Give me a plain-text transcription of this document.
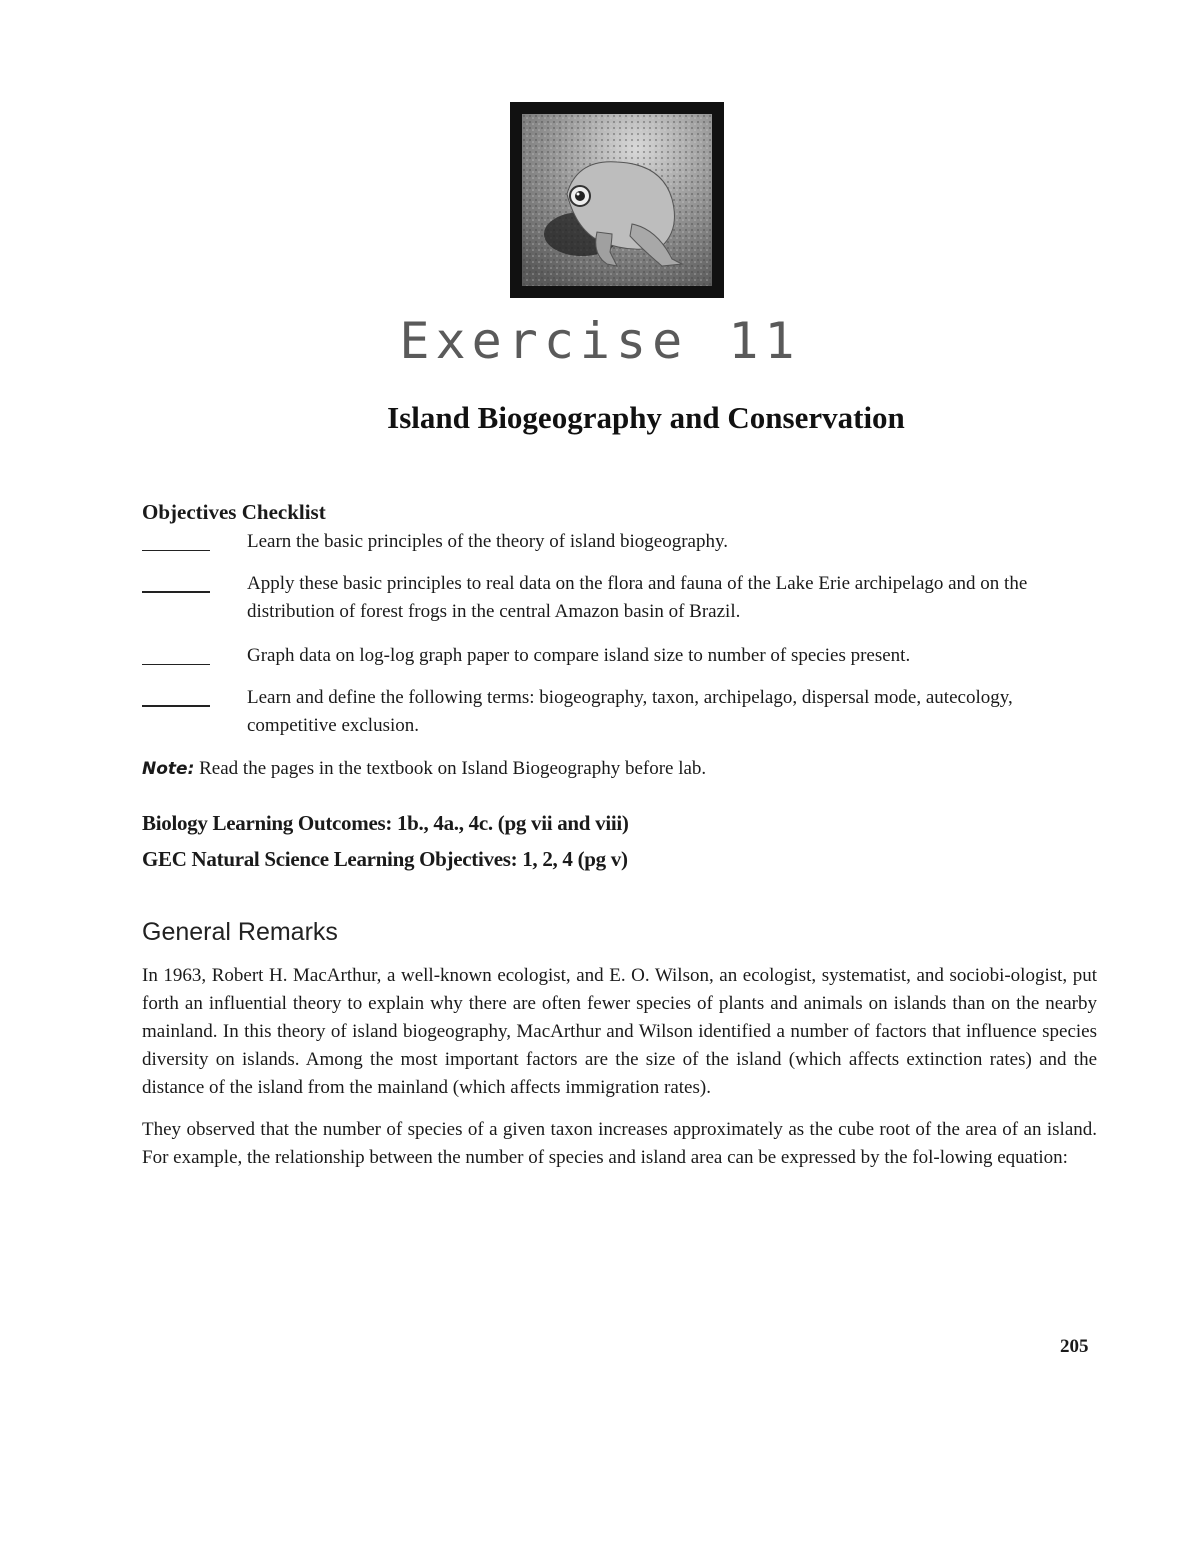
Exercise 11
Island Biogeography and Conservation
Objectives Checklist
Learn the basic principles of the theory of island biogeography.
Apply these basic principles to real data on the flora and fauna of the Lake Erie archipelago and on the distribution of forest frogs in the central Amazon basin of Brazil.
Graph data on log-log graph paper to compare island size to number of species present.
Learn and define the following terms: biogeography, taxon, archipelago, dispersal mode, autecology, competitive exclusion.
Note: Read the pages in the textbook on Island Biogeography before lab.
Biology Learning Outcomes: 1b., 4a., 4c. (pg vii and viii)
GEC Natural Science Learning Objectives: 1, 2, 4 (pg v)
General Remarks
In 1963, Robert H. MacArthur, a well-known ecologist, and E. O. Wilson, an ecologist, systematist, and sociobi-ologist, put forth an influential theory to explain why there are often fewer species of plants and animals on islands than on the nearby mainland. In this theory of island biogeography, MacArthur and Wilson identified a number of factors that influence species diversity on islands. Among the most important factors are the size of the island (which affects extinction rates) and the distance of the island from the mainland (which affects immigration rates).
They observed that the number of species of a given taxon increases approximately as the cube root of the area of an island. For example, the relationship between the number of species and island area can be expressed by the fol-lowing equation:
205
